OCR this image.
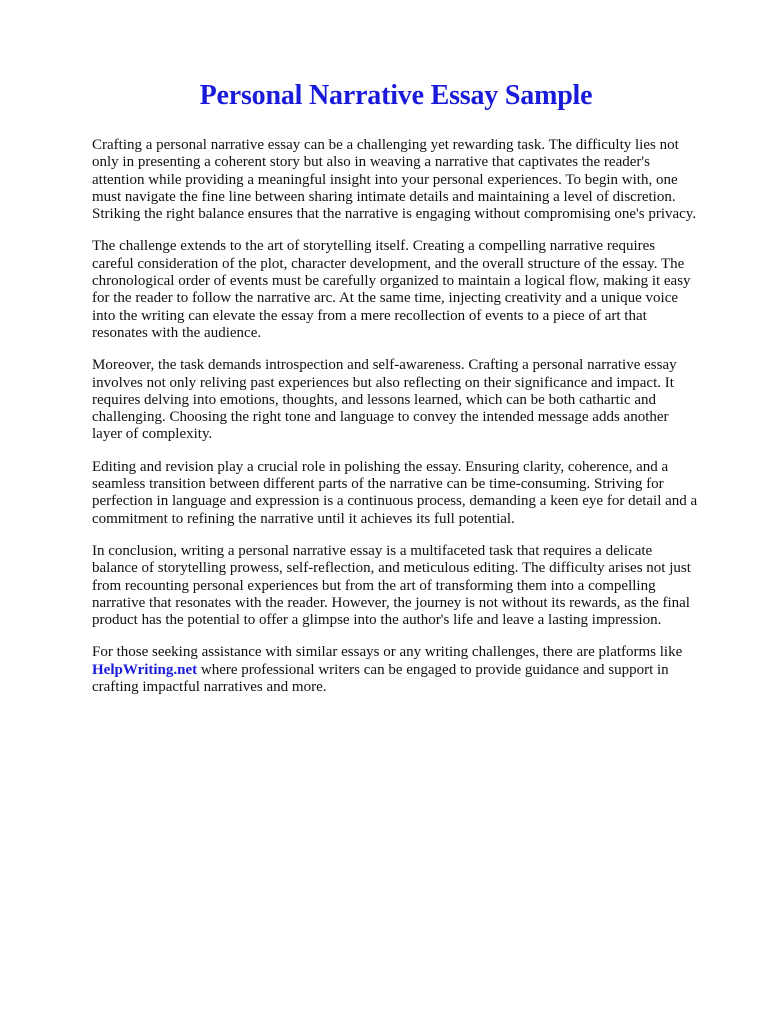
Personal Narrative Essay Sample

Crafting a personal narrative essay can be a challenging yet rewarding task. The difficulty lies not only in presenting a coherent story but also in weaving a narrative that captivates the reader's attention while providing a meaningful insight into your personal experiences. To begin with, one must navigate the fine line between sharing intimate details and maintaining a level of discretion. Striking the right balance ensures that the narrative is engaging without compromising one's privacy.

The challenge extends to the art of storytelling itself. Creating a compelling narrative requires careful consideration of the plot, character development, and the overall structure of the essay. The chronological order of events must be carefully organized to maintain a logical flow, making it easy for the reader to follow the narrative arc. At the same time, injecting creativity and a unique voice into the writing can elevate the essay from a mere recollection of events to a piece of art that resonates with the audience.

Moreover, the task demands introspection and self-awareness. Crafting a personal narrative essay involves not only reliving past experiences but also reflecting on their significance and impact. It requires delving into emotions, thoughts, and lessons learned, which can be both cathartic and challenging. Choosing the right tone and language to convey the intended message adds another layer of complexity.

Editing and revision play a crucial role in polishing the essay. Ensuring clarity, coherence, and a seamless transition between different parts of the narrative can be time-consuming. Striving for perfection in language and expression is a continuous process, demanding a keen eye for detail and a commitment to refining the narrative until it achieves its full potential.

In conclusion, writing a personal narrative essay is a multifaceted task that requires a delicate balance of storytelling prowess, self-reflection, and meticulous editing. The difficulty arises not just from recounting personal experiences but from the art of transforming them into a compelling narrative that resonates with the reader. However, the journey is not without its rewards, as the final product has the potential to offer a glimpse into the author's life and leave a lasting impression.

For those seeking assistance with similar essays or any writing challenges, there are platforms like HelpWriting.net where professional writers can be engaged to provide guidance and support in crafting impactful narratives and more.
